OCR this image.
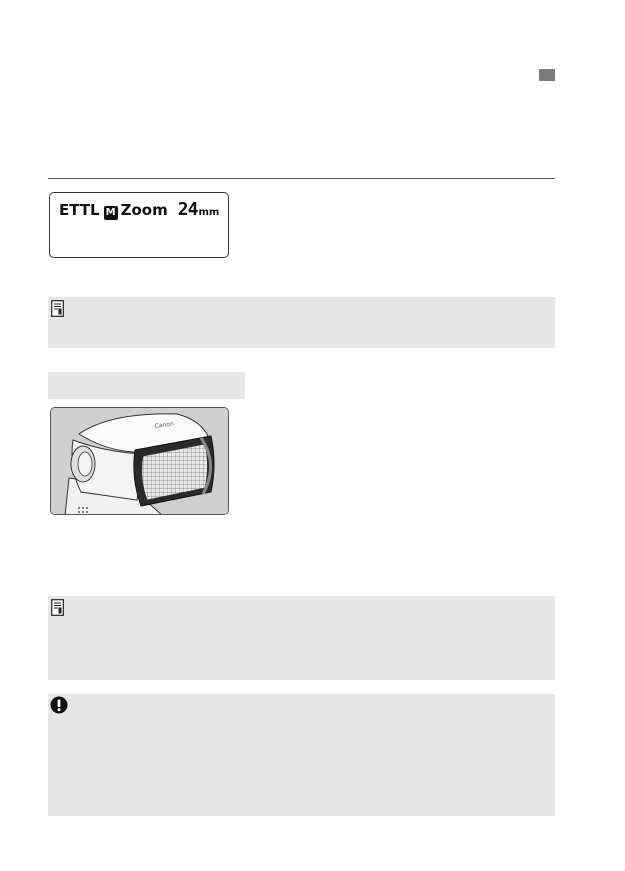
ETTL M Zoom 24 mm
Canon
